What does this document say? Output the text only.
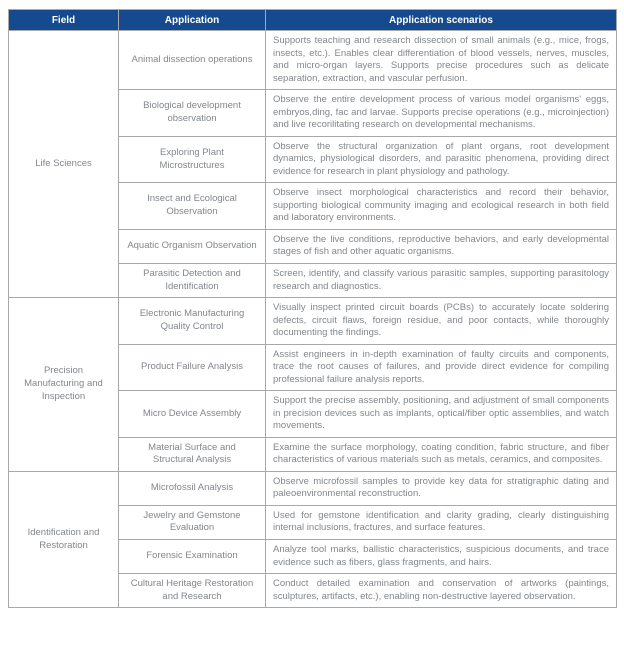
Field	Application	Application scenarios
Life Sciences	Animal dissection operations	Supports teaching and research dissection of small animals (e.g., mice, frogs, insects, etc.). Enables clear differentiation of blood vessels, nerves, muscles, and micro-organ layers. Supports precise procedures such as delicate separation, extraction, and vascular perfusion.
	Biological development observation	Observe the entire development process of various model organisms' eggs, embryos,ding, fac and larvae. Supports precise operations (e.g., microinjection) and live recorilitating research on developmental mechanisms.
	Exploring Plant Microstructures	Observe the structural organization of plant organs, root development dynamics, physiological disorders, and parasitic phenomena, providing direct evidence for research in plant physiology and pathology.
	Insect and Ecological Observation	Observe insect morphological characteristics and record their behavior, supporting biological community imaging and ecological research in both field and laboratory environments.
	Aquatic Organism Observation	Observe the live conditions, reproductive behaviors, and early developmental stages of fish and other aquatic organisms.
	Parasitic Detection and Identification	Screen, identify, and classify various parasitic samples, supporting parasitology research and diagnostics.
Precision Manufacturing and Inspection	Electronic Manufacturing Quality Control	Visually inspect printed circuit boards (PCBs) to accurately locate soldering defects, circuit flaws, foreign residue, and poor contacts, while thoroughly documenting the findings.
	Product Failure Analysis	Assist engineers in in-depth examination of faulty circuits and components, trace the root causes of failures, and provide direct evidence for compiling professional failure analysis reports.
	Micro Device Assembly	Support the precise assembly, positioning, and adjustment of small components in precision devices such as implants, optical/fiber optic assemblies, and watch movements.
	Material Surface and Structural Analysis	Examine the surface morphology, coating condition, fabric structure, and fiber characteristics of various materials such as metals, ceramics, and composites.
Identification and Restoration	Microfossil Analysis	Observe microfossil samples to provide key data for stratigraphic dating and paleoenvironmental reconstruction.
	Jewelry and Gemstone Evaluation	Used for gemstone identification and clarity grading, clearly distinguishing internal inclusions, fractures, and surface features.
	Forensic Examination	Analyze tool marks, ballistic characteristics, suspicious documents, and trace evidence such as fibers, glass fragments, and hairs.
	Cultural Heritage Restoration and Research	Conduct detailed examination and conservation of artworks (paintings, sculptures, artifacts, etc.), enabling non-destructive layered observation.
